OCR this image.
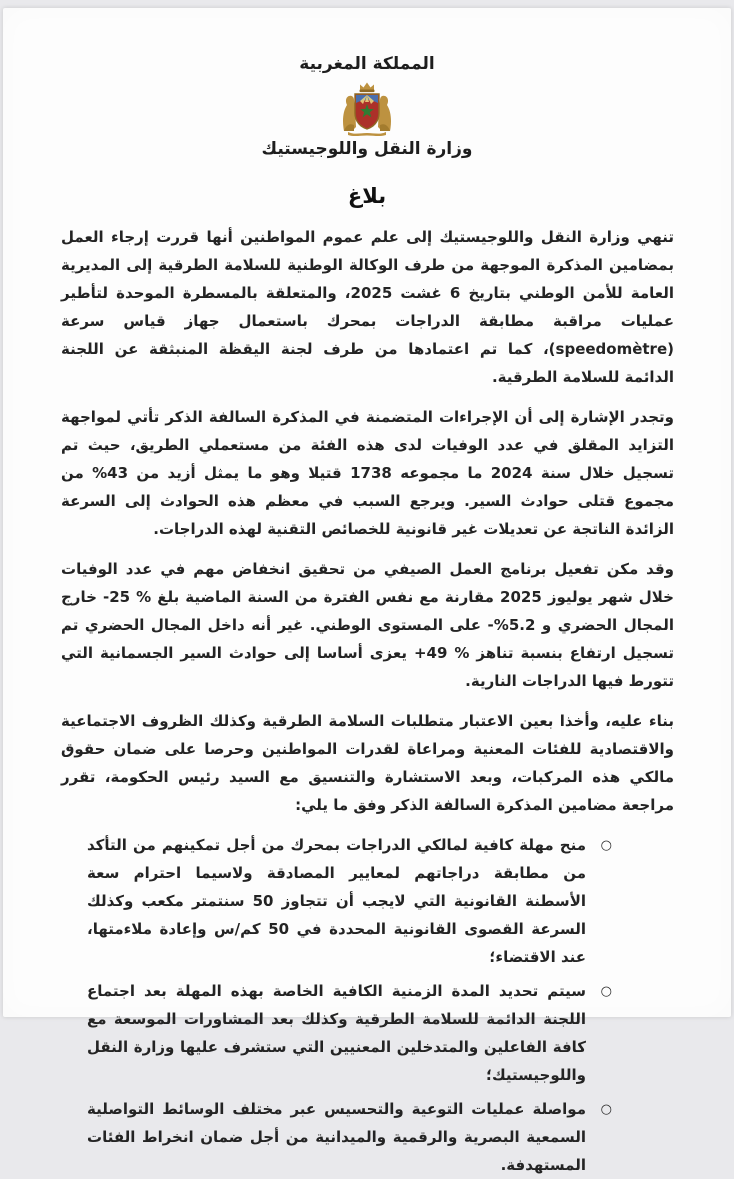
المملكة المغربية
وزارة النقل واللوجيستيك
بلاغ

تنهي وزارة النقل واللوجيستيك إلى علم عموم المواطنين أنها قررت إرجاء العمل بمضامين المذكرة الموجهة من طرف الوكالة الوطنية للسلامة الطرقية إلى المديرية العامة للأمن الوطني بتاريخ 6 غشت 2025، والمتعلقة بالمسطرة الموحدة لتأطير عمليات مراقبة مطابقة الدراجات بمحرك باستعمال جهاز قياس سرعة (speedomètre)، كما تم اعتمادها من طرف لجنة اليقظة المنبثقة عن اللجنة الدائمة للسلامة الطرقية.

وتجدر الإشارة إلى أن الإجراءات المتضمنة في المذكرة السالفة الذكر تأتي لمواجهة التزايد المقلق في عدد الوفيات لدى هذه الفئة من مستعملي الطريق، حيث تم تسجيل خلال سنة 2024 ما مجموعه 1738 قتيلا وهو ما يمثل أزيد من 43% من مجموع قتلى حوادث السير. ويرجع السبب في معظم هذه الحوادث إلى السرعة الزائدة الناتجة عن تعديلات غير قانونية للخصائص التقنية لهذه الدراجات.

وقد مكن تفعيل برنامج العمل الصيفي من تحقيق انخفاض مهم في عدد الوفيات خلال شهر يوليوز 2025 مقارنة مع نفس الفترة من السنة الماضية بلغ % 25- خارج المجال الحضري و 5.2%- على المستوى الوطني. غير أنه داخل المجال الحضري تم تسجيل ارتفاع بنسبة تناهز % 49+ يعزى أساسا إلى حوادث السير الجسمانية التي تتورط فيها الدراجات النارية.

بناء عليه، وأخذا بعين الاعتبار متطلبات السلامة الطرقية وكذلك الظروف الاجتماعية والاقتصادية للفئات المعنية ومراعاة لقدرات المواطنين وحرصا على ضمان حقوق مالكي هذه المركبات، وبعد الاستشارة والتنسيق مع السيد رئيس الحكومة، تقرر مراجعة مضامين المذكرة السالفة الذكر وفق ما يلي:

○
منح مهلة كافية لمالكي الدراجات بمحرك من أجل تمكينهم من التأكد من مطابقة دراجاتهم لمعايير المصادقة ولاسيما احترام سعة الأسطنة القانونية التي لايجب أن تتجاوز 50 سنتمتر مكعب وكذلك السرعة القصوى القانونية المحددة في 50 كم/س وإعادة ملاءمتها، عند الاقتضاء؛
○
سيتم تحديد المدة الزمنية الكافية الخاصة بهذه المهلة بعد اجتماع اللجنة الدائمة للسلامة الطرقية وكذلك بعد المشاورات الموسعة مع كافة الفاعلين والمتدخلين المعنيين التي ستشرف عليها وزارة النقل واللوجيستيك؛
○
مواصلة عمليات التوعية والتحسيس عبر مختلف الوسائط التواصلية السمعية البصرية والرقمية والميدانية من أجل ضمان انخراط الفئات المستهدفة.
